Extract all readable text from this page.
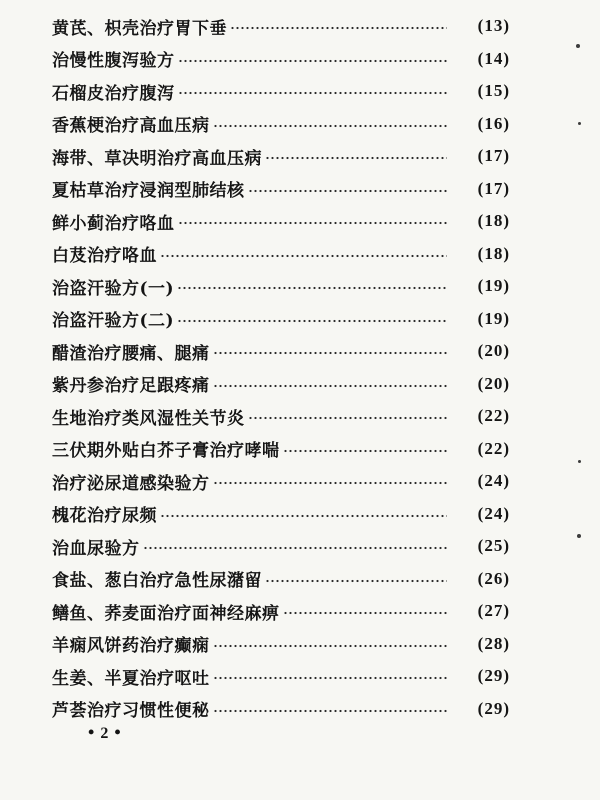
黄芪、枳壳治疗胃下垂	(13)
治慢性腹泻验方	(14)
石榴皮治疗腹泻	(15)
香蕉梗治疗高血压病	(16)
海带、草决明治疗高血压病	(17)
夏枯草治疗浸润型肺结核	(17)
鲜小蓟治疗咯血	(18)
白芨治疗咯血	(18)
治盗汗验方(一)	(19)
治盗汗验方(二)	(19)
醋渣治疗腰痛、腿痛	(20)
紫丹参治疗足跟疼痛	(20)
生地治疗类风湿性关节炎	(22)
三伏期外贴白芥子膏治疗哮喘	(22)
治疗泌尿道感染验方	(24)
槐花治疗尿频	(24)
治血尿验方	(25)
食盐、葱白治疗急性尿潴留	(26)
鳝鱼、荞麦面治疗面神经麻痹	(27)
羊痫风饼药治疗癫痫	(28)
生姜、半夏治疗呕吐	(29)
芦荟治疗习惯性便秘	(29)
• 2 •
